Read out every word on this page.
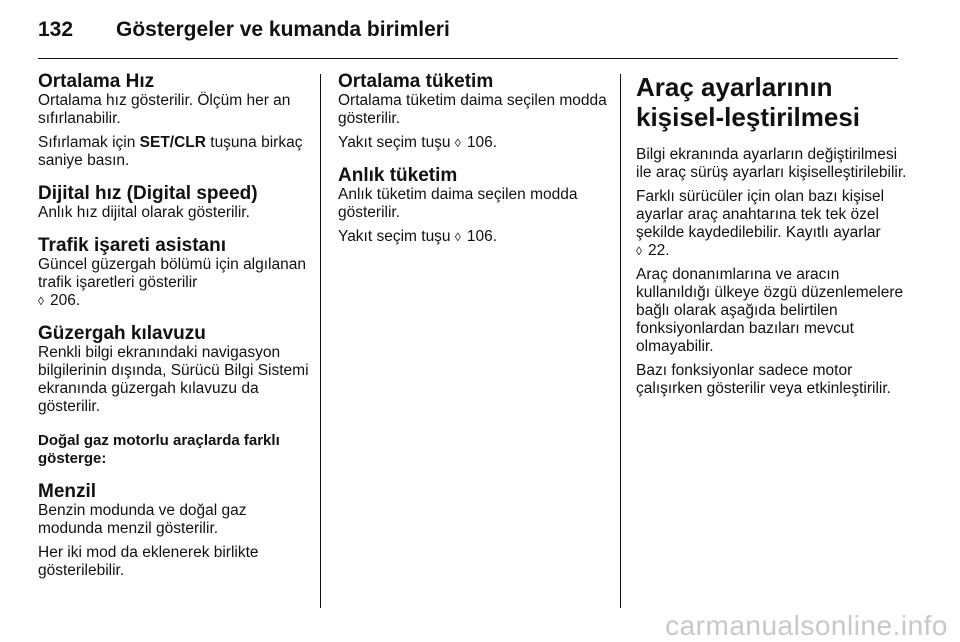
132 Göstergeler ve kumanda birimleri
Ortalama Hız

Ortalama hız gösterilir. Ölçüm her an sıfırlanabilir.

Sıfırlamak için SET/CLR tuşuna birkaç saniye basın.

Dijital hız (Digital speed)

Anlık hız dijital olarak gösterilir.

Trafik işareti asistanı

Güncel güzergah bölümü için algılanan trafik işaretleri gösterilir
◊ 206.

Güzergah kılavuzu

Renkli bilgi ekranındaki navigasyon bilgilerinin dışında, Sürücü Bilgi Sistemi ekranında güzergah kılavuzu da gösterilir.

Doğal gaz motorlu araçlarda farklı gösterge:

Menzil

Benzin modunda ve doğal gaz modunda menzil gösterilir.

Her iki mod da eklenerek birlikte gösterilebilir.

Ortalama tüketim

Ortalama tüketim daima seçilen modda gösterilir.

Yakıt seçim tuşu ◊ 106.

Anlık tüketim

Anlık tüketim daima seçilen modda gösterilir.

Yakıt seçim tuşu ◊ 106.

Araç ayarlarının kişisel-leştirilmesi

Bilgi ekranında ayarların değiştirilmesi ile araç sürüş ayarları kişiselleştirilebilir.

Farklı sürücüler için olan bazı kişisel ayarlar araç anahtarına tek tek özel şekilde kaydedilebilir. Kayıtlı ayarlar
◊ 22.

Araç donanımlarına ve aracın kullanıldığı ülkeye özgü düzenlemelere bağlı olarak aşağıda belirtilen fonksiyonlardan bazıları mevcut olmayabilir.

Bazı fonksiyonlar sadece motor çalışırken gösterilir veya etkinleştirilir.

carmanualsonline.info
